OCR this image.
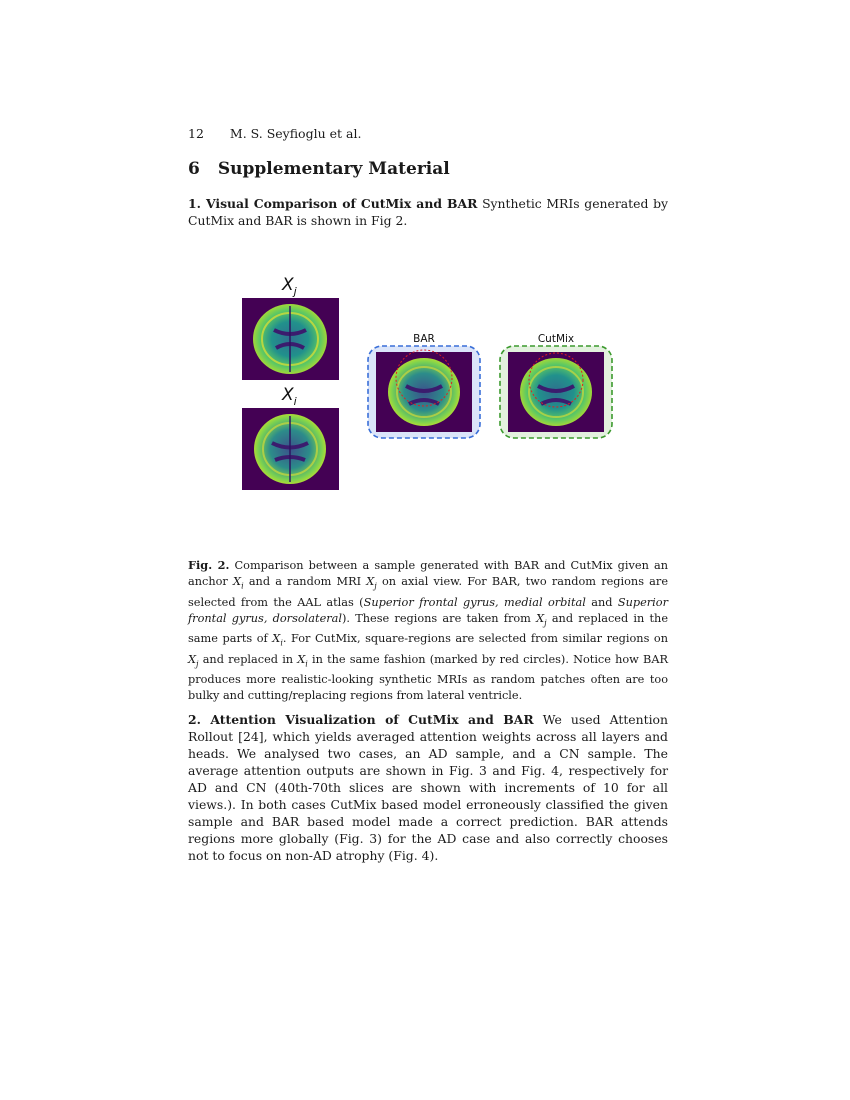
12 M. S. Seyfioglu et al.
6 Supplementary Material
1. Visual Comparison of CutMix and BAR Synthetic MRIs generated by CutMix and BAR is shown in Fig 2.
$X_j$
$X_i$
BAR	CutMix
Fig. 2. Comparison between a sample generated with BAR and CutMix given an anchor $X_i$ and a random MRI $X_j$ on axial view. For BAR, two random regions are selected from the AAL atlas (Superior frontal gyrus, medial orbital and Superior frontal gyrus, dorsolateral). These regions are taken from $X_j$ and replaced in the same parts of $X_i$. For CutMix, square-regions are selected from similar regions on $X_j$ and replaced in $X_i$ in the same fashion (marked by red circles). Notice how BAR produces more realistic-looking synthetic MRIs as random patches often are too bulky and cutting/replacing regions from lateral ventricle.
2. Attention Visualization of CutMix and BAR We used Attention Rollout [24], which yields averaged attention weights across all layers and heads. We analysed two cases, an AD sample, and a CN sample. The average attention outputs are shown in Fig. 3 and Fig. 4, respectively for AD and CN (40th-70th slices are shown with increments of 10 for all views.). In both cases CutMix based model erroneously classified the given sample and BAR based model made a correct prediction. BAR attends regions more globally (Fig. 3) for the AD case and also correctly chooses not to focus on non-AD atrophy (Fig. 4).
